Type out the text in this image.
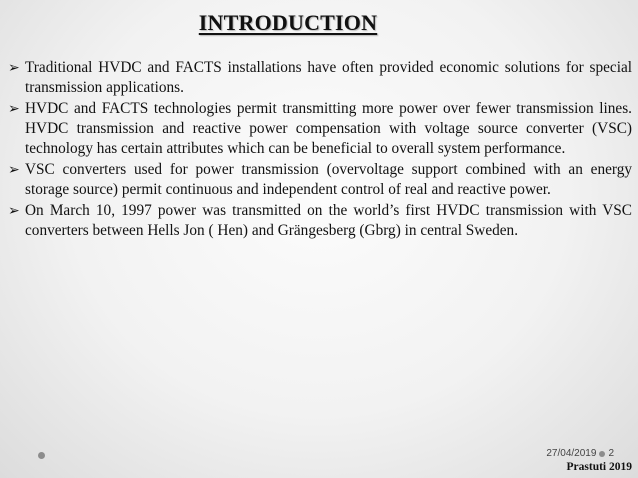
INTRODUCTION
➢ Traditional HVDC and FACTS installations have often provided economic solutions for special transmission applications.
➢ HVDC and FACTS technologies permit transmitting more power over fewer transmission lines. HVDC transmission and reactive power compensation with voltage source converter (VSC) technology has certain attributes which can be beneficial to overall system performance.
➢ VSC converters used for power transmission (overvoltage support combined with an energy storage source) permit continuous and independent control of real and reactive power.
➢ On March 10, 1997 power was transmitted on the world’s first HVDC transmission with VSC converters between Hells Jon ( Hen) and Grängesberg (Gbrg) in central Sweden.
27/04/2019 2
Prastuti 2019
